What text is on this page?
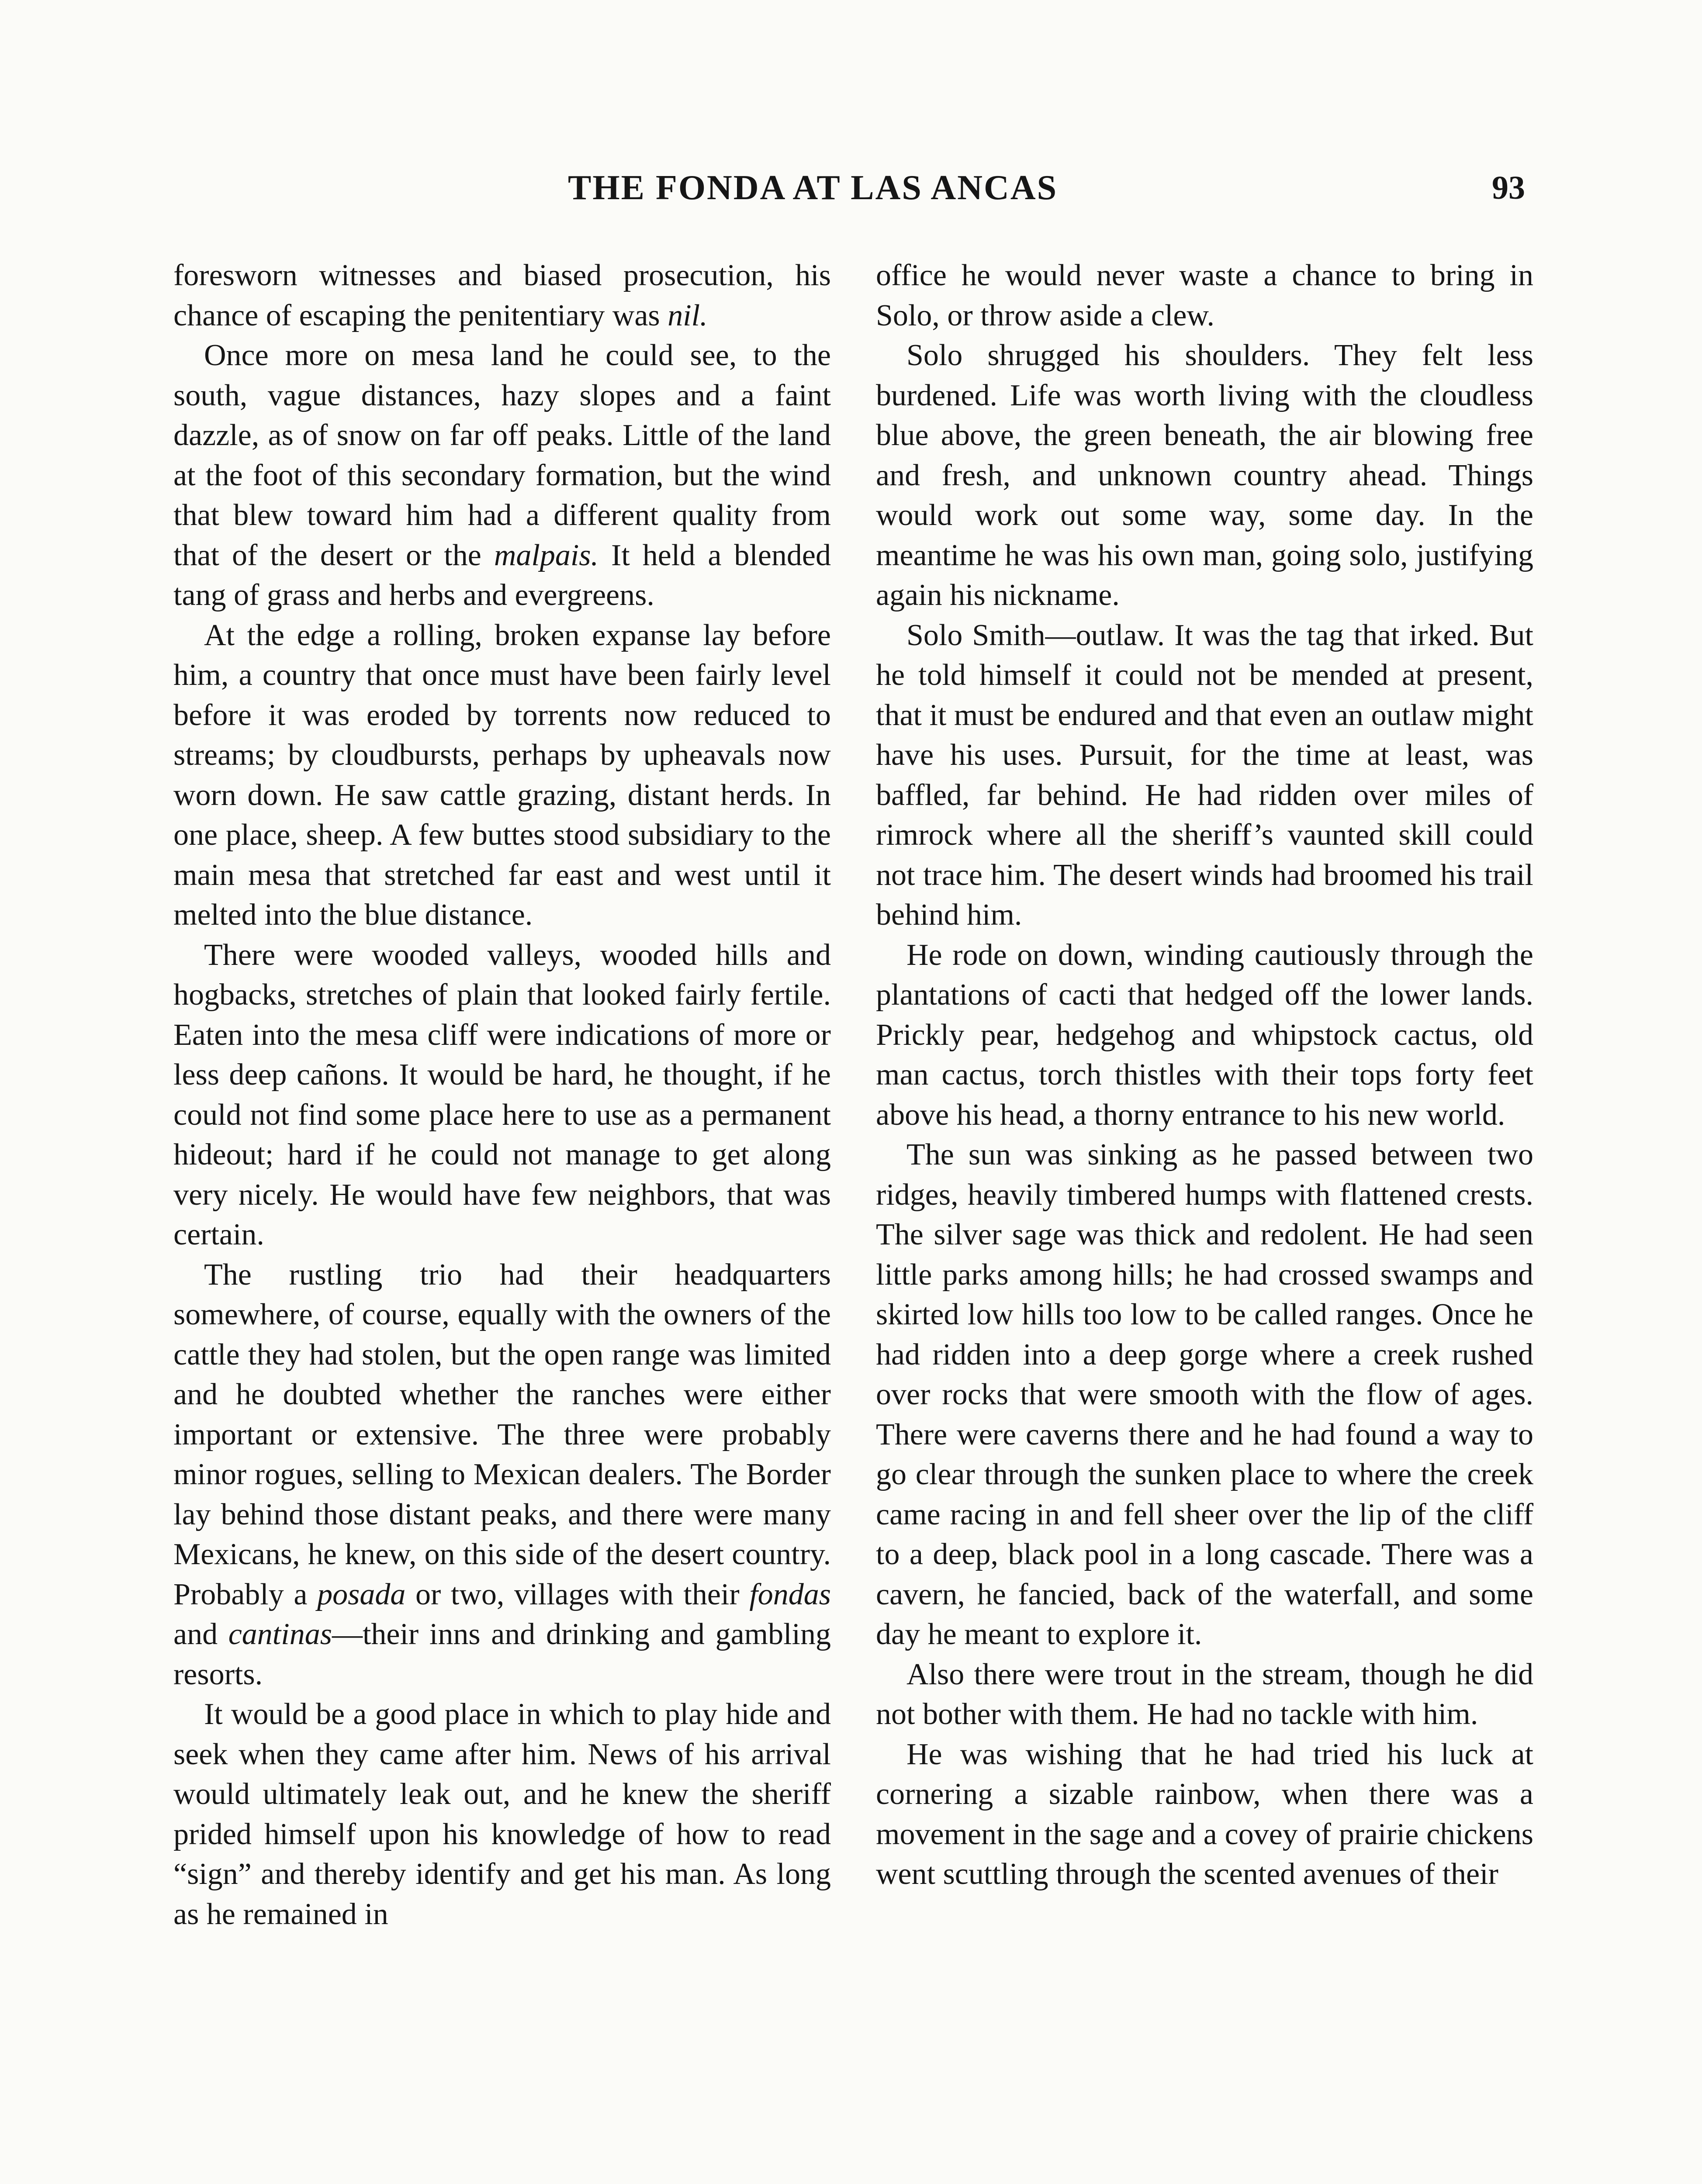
THE FONDA AT LAS ANCAS	93

foresworn witnesses and biased prosecution, his chance of escaping the penitentiary was nil.

Once more on mesa land he could see, to the south, vague distances, hazy slopes and a faint dazzle, as of snow on far off peaks. Little of the land at the foot of this secondary formation, but the wind that blew toward him had a different quality from that of the desert or the malpais. It held a blended tang of grass and herbs and evergreens.

At the edge a rolling, broken expanse lay before him, a country that once must have been fairly level before it was eroded by torrents now reduced to streams; by cloudbursts, perhaps by upheavals now worn down. He saw cattle grazing, distant herds. In one place, sheep. A few buttes stood subsidiary to the main mesa that stretched far east and west until it melted into the blue distance.

There were wooded valleys, wooded hills and hogbacks, stretches of plain that looked fairly fertile. Eaten into the mesa cliff were indications of more or less deep cañons. It would be hard, he thought, if he could not find some place here to use as a permanent hideout; hard if he could not manage to get along very nicely. He would have few neighbors, that was certain.

The rustling trio had their headquarters somewhere, of course, equally with the owners of the cattle they had stolen, but the open range was limited and he doubted whether the ranches were either important or extensive. The three were probably minor rogues, selling to Mexican dealers. The Border lay behind those distant peaks, and there were many Mexicans, he knew, on this side of the desert country. Probably a posada or two, villages with their fondas and cantinas—their inns and drinking and gambling resorts.

It would be a good place in which to play hide and seek when they came after him. News of his arrival would ultimately leak out, and he knew the sheriff prided himself upon his knowledge of how to read “sign” and thereby identify and get his man. As long as he remained in

office he would never waste a chance to bring in Solo, or throw aside a clew.

Solo shrugged his shoulders. They felt less burdened. Life was worth living with the cloudless blue above, the green beneath, the air blowing free and fresh, and unknown country ahead. Things would work out some way, some day. In the meantime he was his own man, going solo, justifying again his nickname.

Solo Smith—outlaw. It was the tag that irked. But he told himself it could not be mended at present, that it must be endured and that even an outlaw might have his uses. Pursuit, for the time at least, was baffled, far behind. He had ridden over miles of rimrock where all the sheriff’s vaunted skill could not trace him. The desert winds had broomed his trail behind him.

He rode on down, winding cautiously through the plantations of cacti that hedged off the lower lands. Prickly pear, hedgehog and whipstock cactus, old man cactus, torch thistles with their tops forty feet above his head, a thorny entrance to his new world.

The sun was sinking as he passed between two ridges, heavily timbered humps with flattened crests. The silver sage was thick and redolent. He had seen little parks among hills; he had crossed swamps and skirted low hills too low to be called ranges. Once he had ridden into a deep gorge where a creek rushed over rocks that were smooth with the flow of ages. There were caverns there and he had found a way to go clear through the sunken place to where the creek came racing in and fell sheer over the lip of the cliff to a deep, black pool in a long cascade. There was a cavern, he fancied, back of the waterfall, and some day he meant to explore it.

Also there were trout in the stream, though he did not bother with them. He had no tackle with him.

He was wishing that he had tried his luck at cornering a sizable rainbow, when there was a movement in the sage and a covey of prairie chickens went scuttling through the scented avenues of their
